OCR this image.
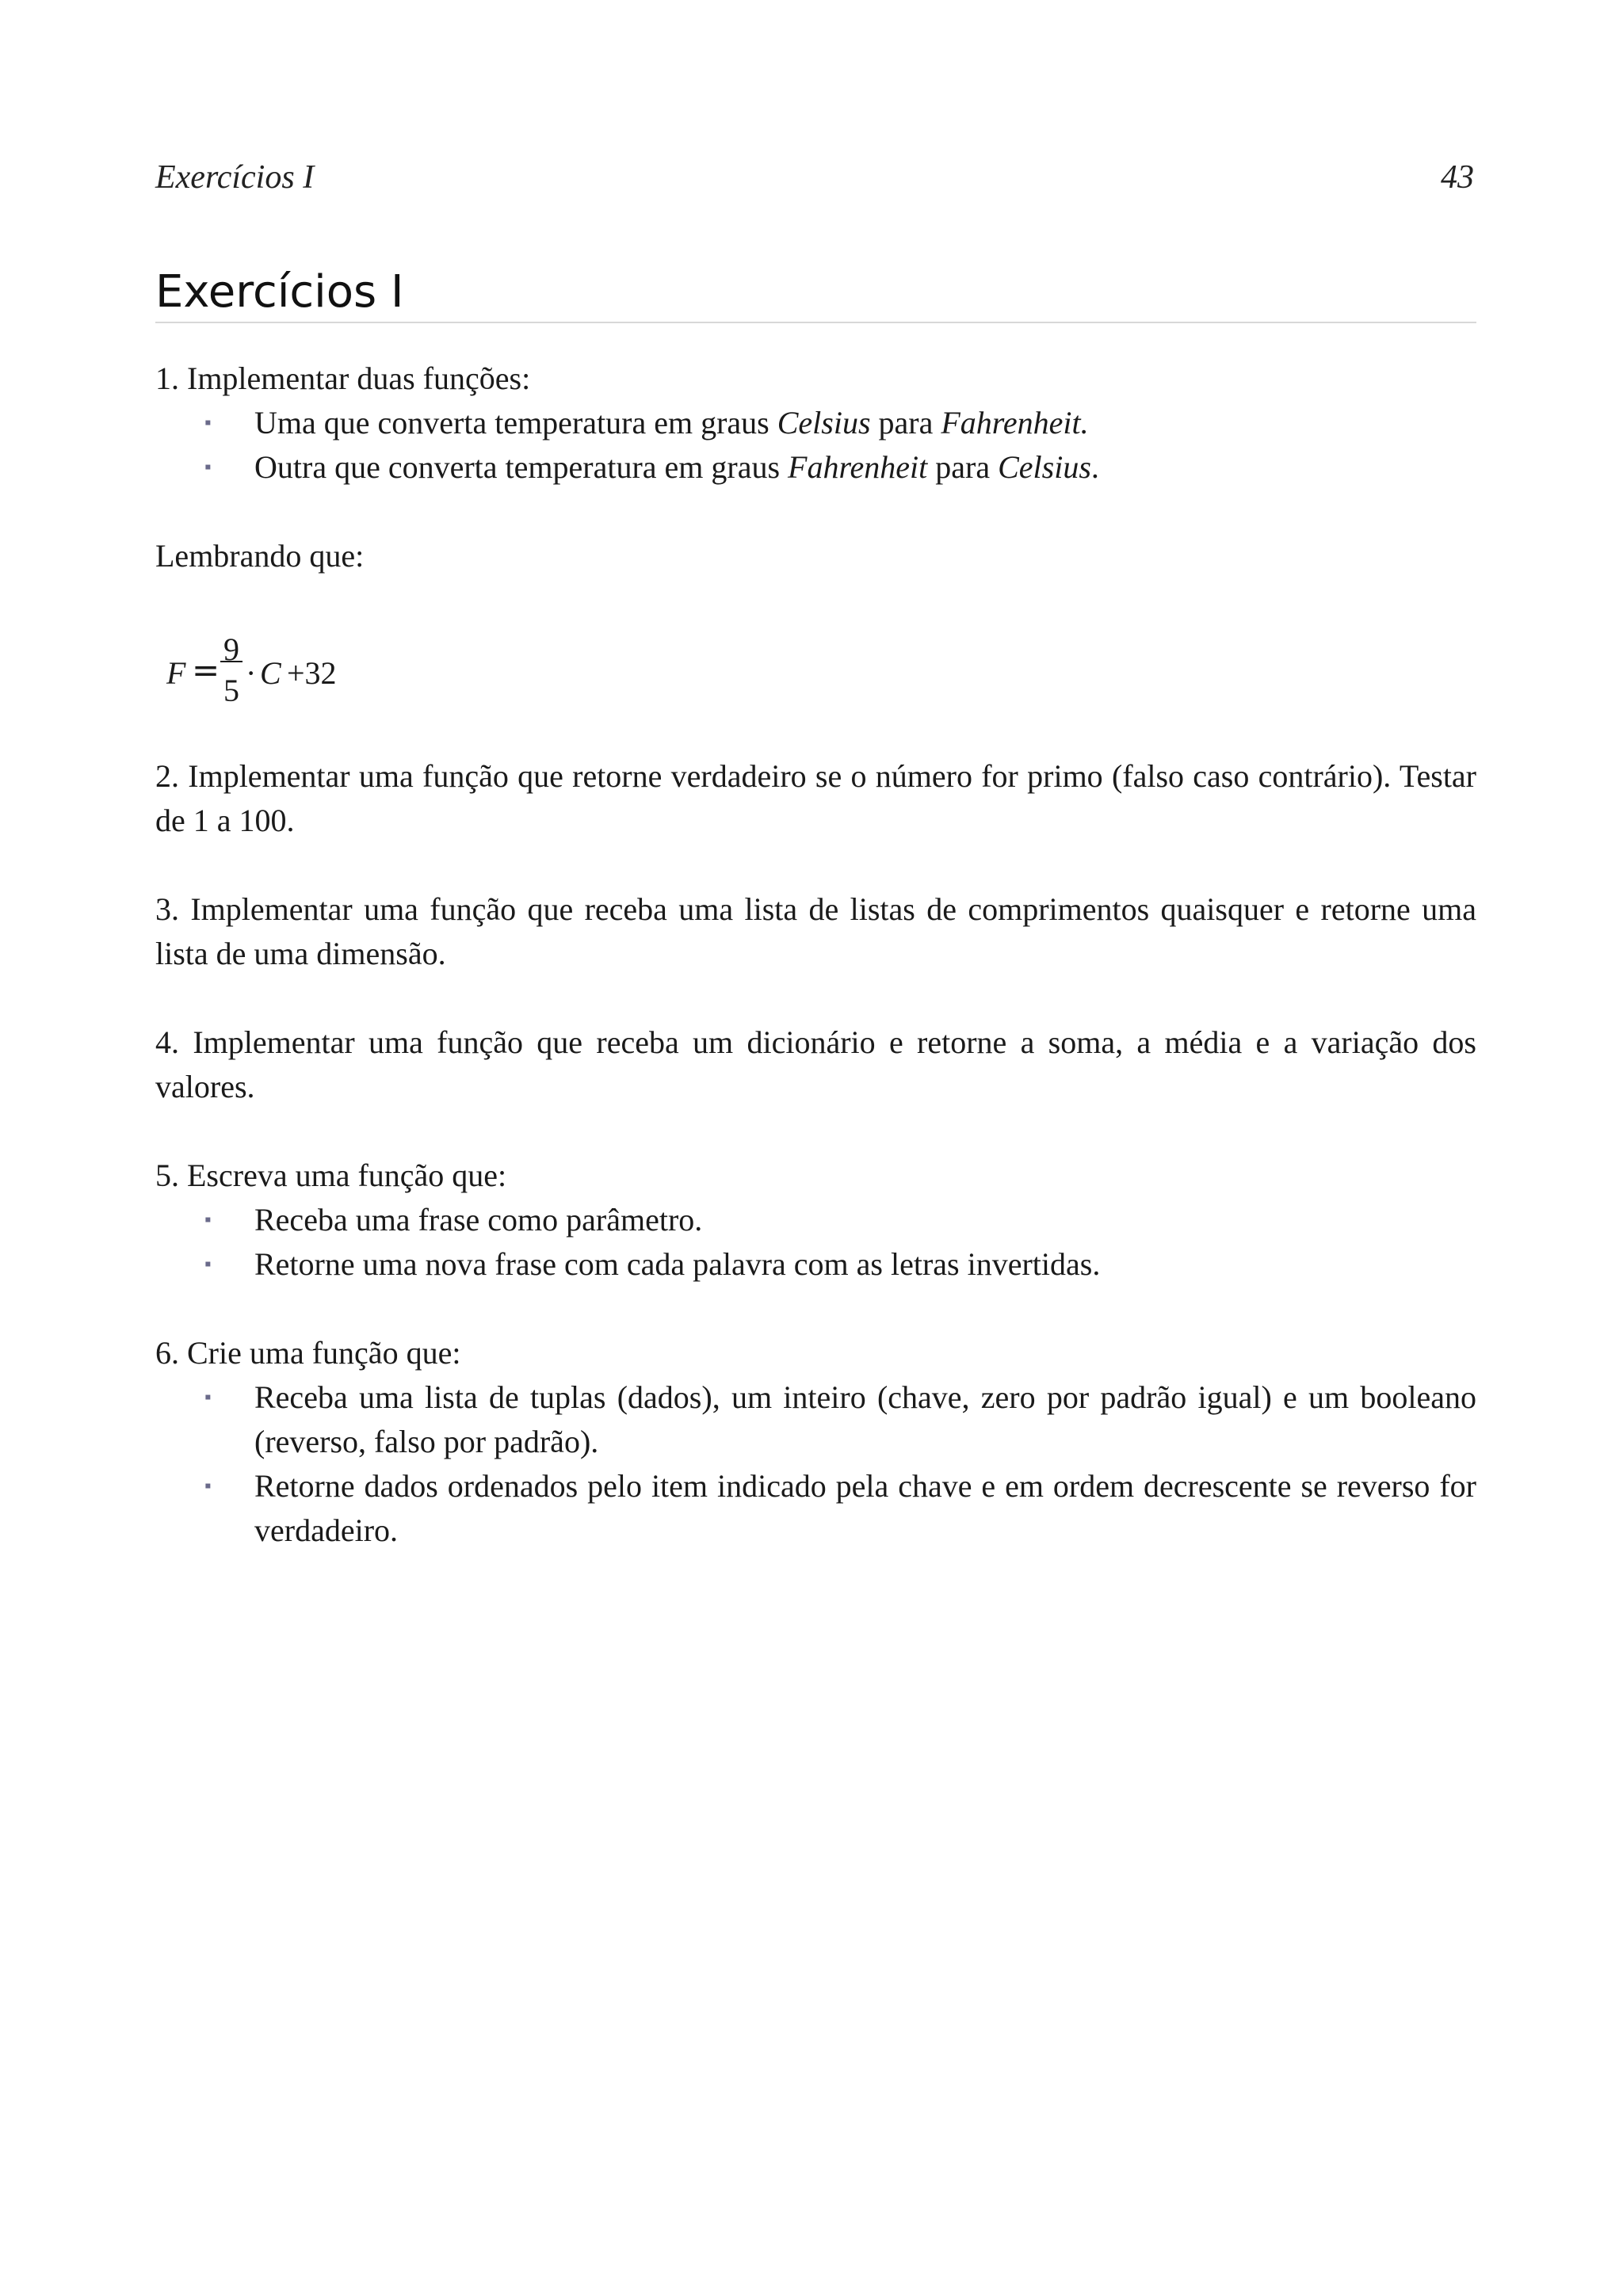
Exercícios I	43
Exercícios I

1. Implementar duas funções:

▪ Uma que converta temperatura em graus Celsius para Fahrenheit.
▪ Outra que converta temperatura em graus Fahrenheit para Celsius.

Lembrando que:

F =
9
5 · C +32

2. Implementar uma função que retorne verdadeiro se o número for primo (falso caso contrário). Testar de 1 a 100.

3. Implementar uma função que receba uma lista de listas de comprimentos quaisquer e retorne uma lista de uma dimensão.

4. Implementar uma função que receba um dicionário e retorne a soma, a média e a variação dos valores.

5. Escreva uma função que:

▪ Receba uma frase como parâmetro.
▪ Retorne uma nova frase com cada palavra com as letras invertidas.

6. Crie uma função que:

▪ Receba uma lista de tuplas (dados), um inteiro (chave, zero por padrão igual) e um booleano (reverso, falso por padrão).
▪ Retorne dados ordenados pelo item indicado pela chave e em ordem decrescente se reverso for verdadeiro.
